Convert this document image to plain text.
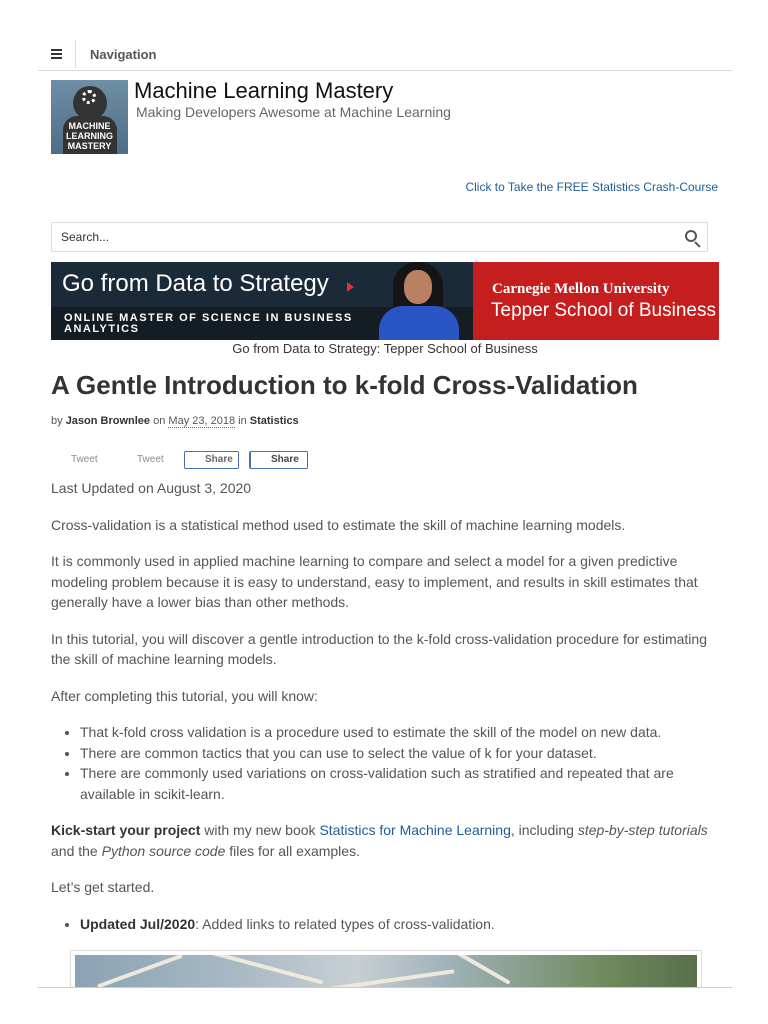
Navigation
MACHINE
LEARNING
MASTERY
Machine Learning Mastery
Making Developers Awesome at Machine Learning
Click to Take the FREE Statistics Crash-Course
Search...
Go from Data to Strategy
ONLINE MASTER OF SCIENCE IN BUSINESS ANALYTICS
Carnegie Mellon University
Tepper School of Business
Go from Data to Strategy: Tepper School of Business
A Gentle Introduction to k-fold Cross-Validation
by Jason Brownlee on May 23, 2018 in Statistics
Tweet	Tweet	Share	Share

Last Updated on August 3, 2020

Cross-validation is a statistical method used to estimate the skill of machine learning models.

It is commonly used in applied machine learning to compare and select a model for a given predictive modeling problem because it is easy to understand, easy to implement, and results in skill estimates that generally have a lower bias than other methods.

In this tutorial, you will discover a gentle introduction to the k-fold cross-validation procedure for estimating the skill of machine learning models.

After completing this tutorial, you will know:

• That k-fold cross validation is a procedure used to estimate the skill of the model on new data.
• There are common tactics that you can use to select the value of k for your dataset.
• There are commonly used variations on cross-validation such as stratified and repeated that are available in scikit-learn.

Kick-start your project with my new book Statistics for Machine Learning, including step-by-step tutorials and the Python source code files for all examples.

Let’s get started.

• Updated Jul/2020: Added links to related types of cross-validation.
